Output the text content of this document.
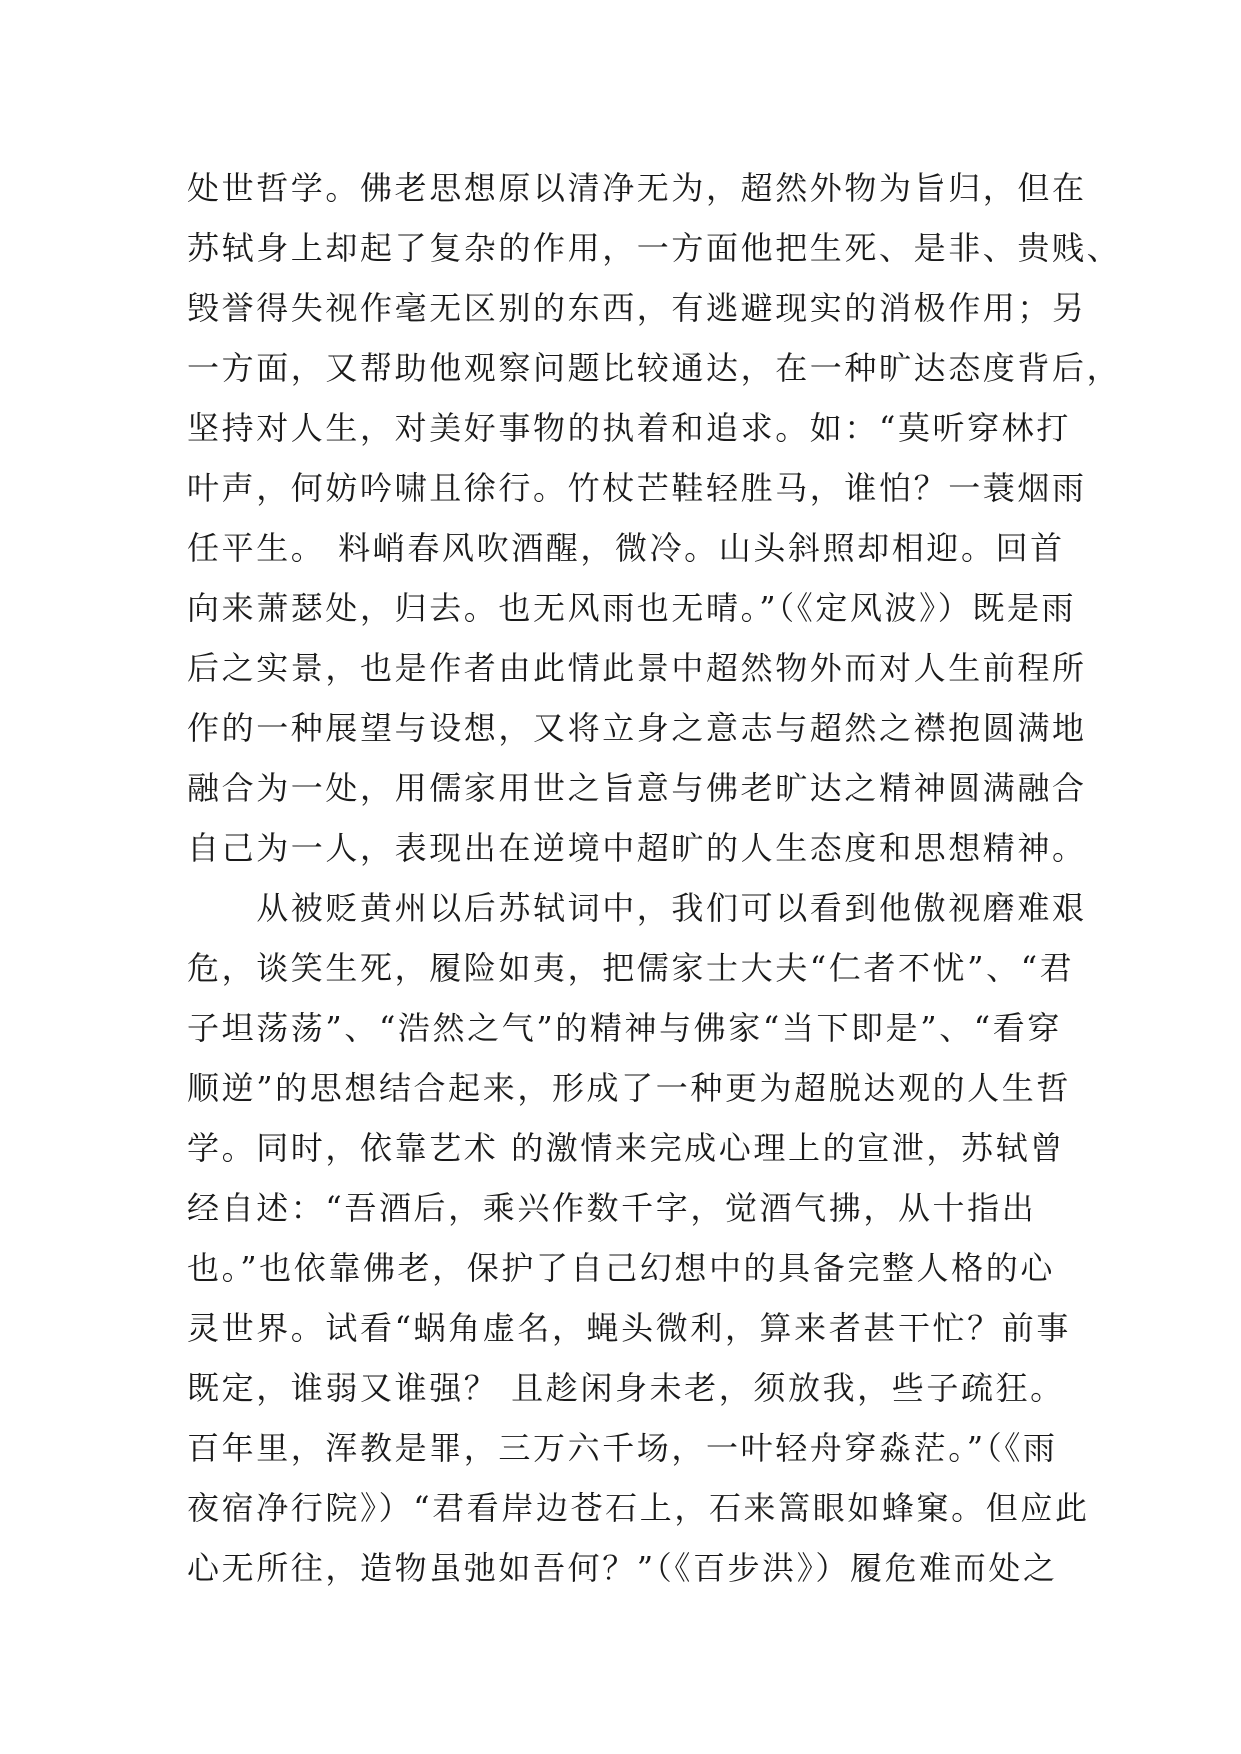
处世哲学。佛老思想原以清净无为，超然外物为旨归，但在
苏轼身上却起了复杂的作用，一方面他把生死、是非、贵贱、
毁誉得失视作毫无区别的东西，有逃避现实的消极作用；另
一方面，又帮助他观察问题比较通达，在一种旷达态度背后，
坚持对人生，对美好事物的执着和追求。如：“莫听穿林打
叶声，何妨吟啸且徐行。竹杖芒鞋轻胜马，谁怕？一蓑烟雨
任平生。 料峭春风吹酒醒，微冷。山头斜照却相迎。回首
向来萧瑟处，归去。也无风雨也无晴。”（《定风波》）既是雨
后之实景，也是作者由此情此景中超然物外而对人生前程所
作的一种展望与设想，又将立身之意志与超然之襟抱圆满地
融合为一处，用儒家用世之旨意与佛老旷达之精神圆满融合
自己为一人，表现出在逆境中超旷的人生态度和思想精神。
　　从被贬黄州以后苏轼词中，我们可以看到他傲视磨难艰
危，谈笑生死，履险如夷，把儒家士大夫“仁者不忧”、“君
子坦荡荡”、“浩然之气”的精神与佛家“当下即是”、“看穿
顺逆”的思想结合起来，形成了一种更为超脱达观的人生哲
学。同时，依靠艺术 的激情来完成心理上的宣泄，苏轼曾
经自述：“吾酒后，乘兴作数千字，觉酒气拂，从十指出
也。”也依靠佛老，保护了自己幻想中的具备完整人格的心
灵世界。试看“蜗角虚名，蝇头微利，算来者甚干忙？前事
既定，谁弱又谁强？ 且趁闲身未老，须放我，些子疏狂。
百年里，浑教是罪，三万六千场，一叶轻舟穿淼茫。”（《雨
夜宿净行院》）“君看岸边苍石上，石来篙眼如蜂窠。但应此
心无所往，造物虽弛如吾何？”（《百步洪》）履危难而处之
